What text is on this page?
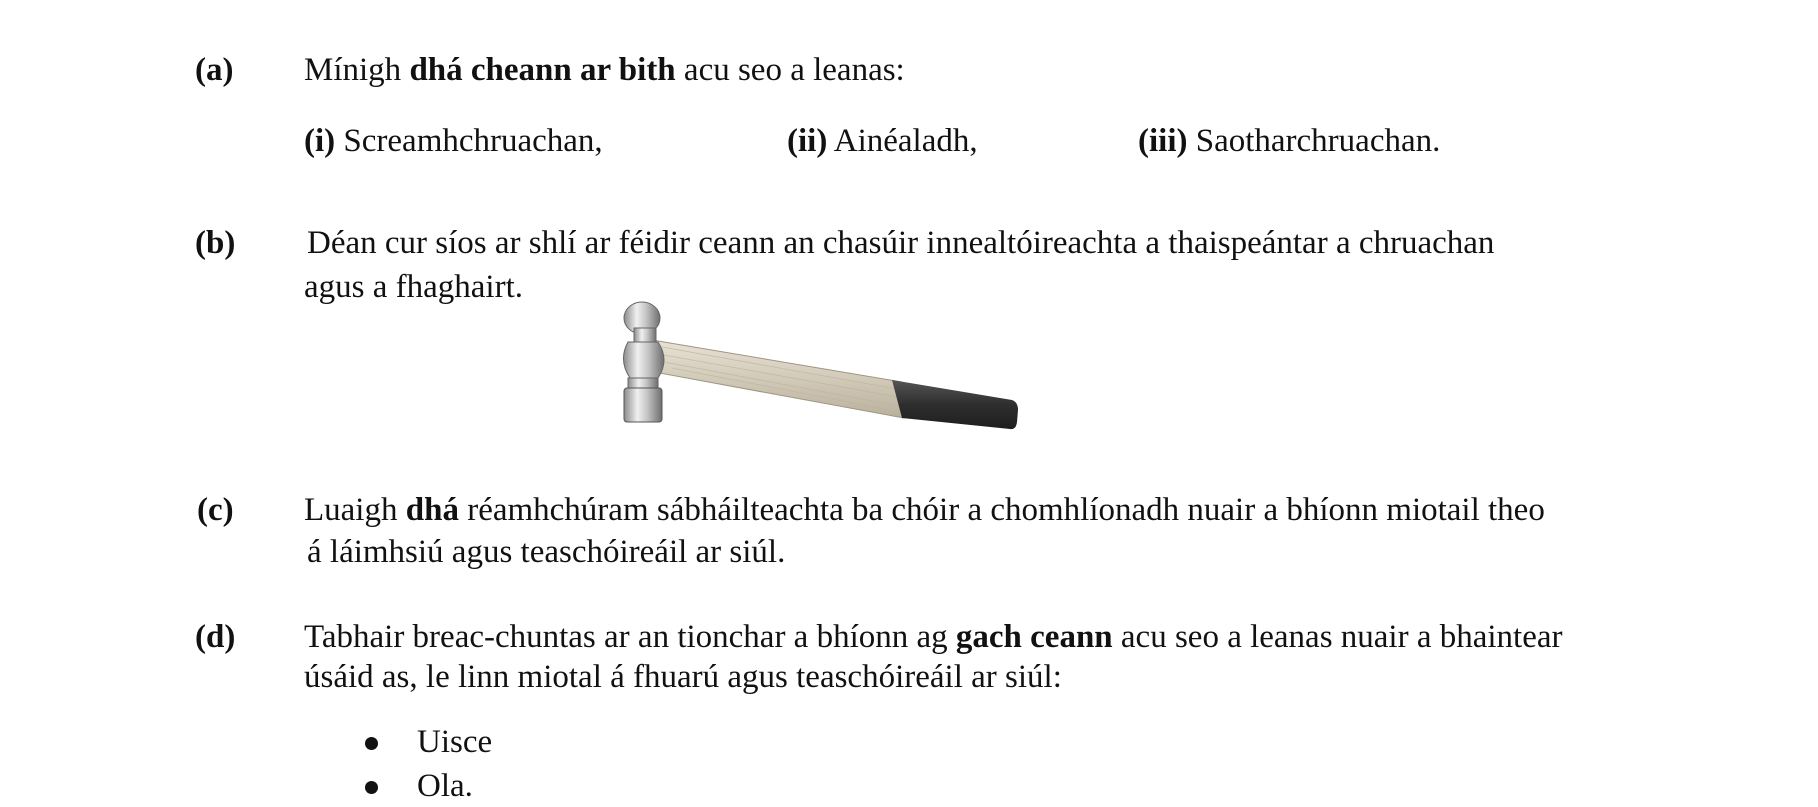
(a) Mínigh dhá cheann ar bith acu seo a leanas:
(i) Screamhchruachan,	(ii) Ainéaladh,	(iii) Saotharchruachan.
(b) Déan cur síos ar shlí ar féidir ceann an chasúir innealtóireachta a thaispeántar a chruachan
agus a fhaghairt.
(c) Luaigh dhá réamhchúram sábháilteachta ba chóir a chomhlíonadh nuair a bhíonn miotail theo
á láimhsiú agus teaschóireáil ar siúl.
(d) Tabhair breac-chuntas ar an tionchar a bhíonn ag gach ceann acu seo a leanas nuair a bhaintear
úsáid as, le linn miotal á fhuarú agus teaschóireáil ar siúl:
Uisce
Ola.
